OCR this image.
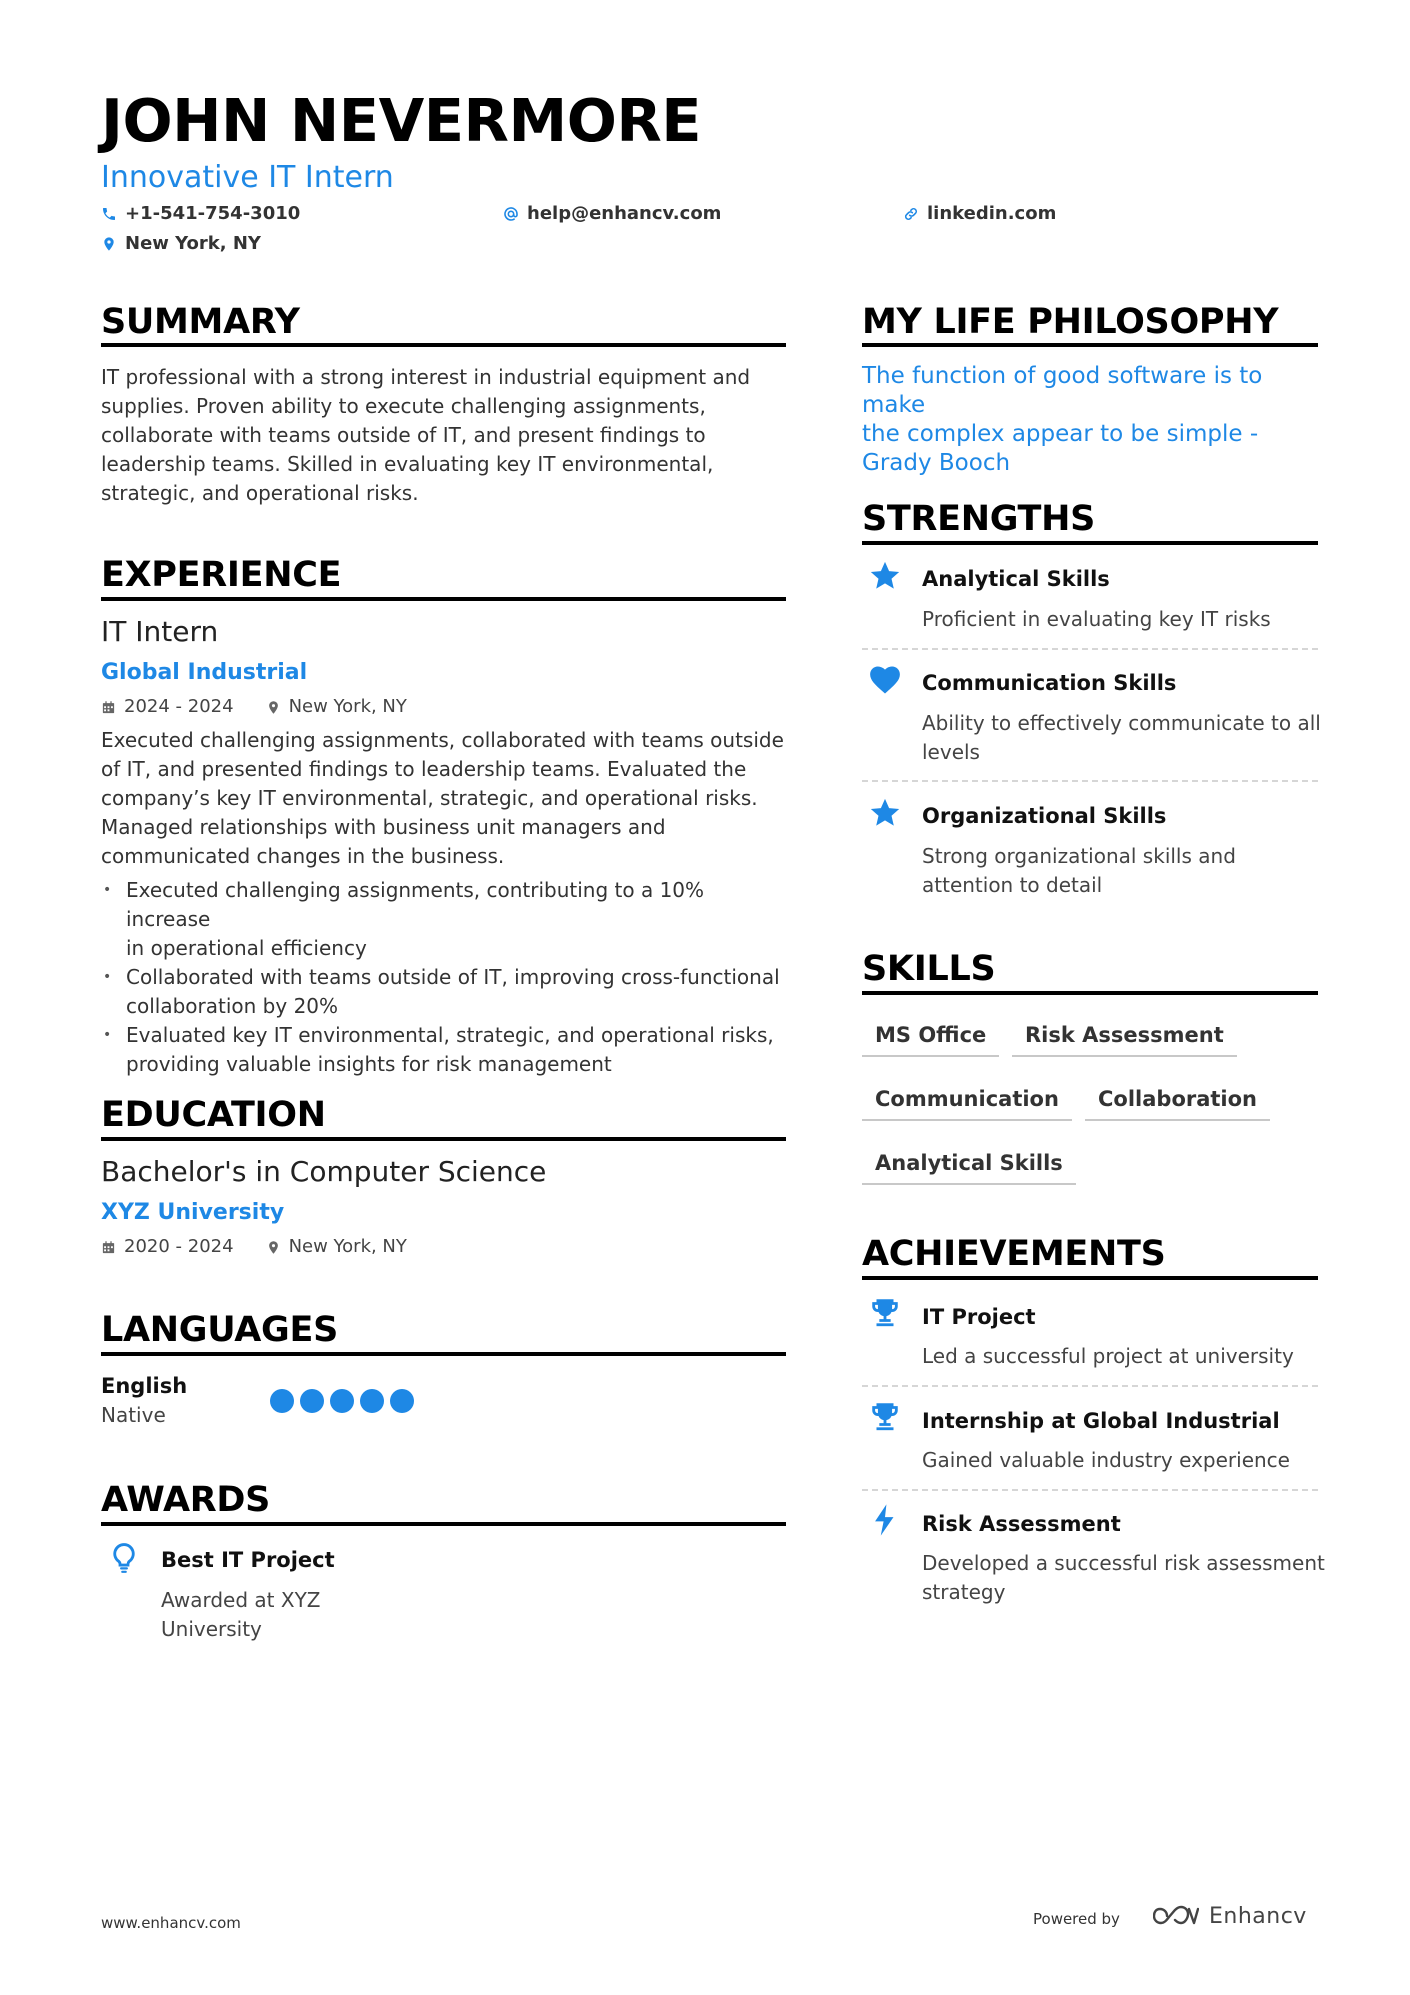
JOHN NEVERMORE
Innovative IT Intern
+1-541-754-3010	help@enhancv.com	linkedin.com
New York, NY
SUMMARY
IT professional with a strong interest in industrial equipment and
supplies. Proven ability to execute challenging assignments,
collaborate with teams outside of IT, and present findings to
leadership teams. Skilled in evaluating key IT environmental,
strategic, and operational risks.
EXPERIENCE
IT Intern
Global Industrial
2024 - 2024	New York, NY
Executed challenging assignments, collaborated with teams outside
of IT, and presented findings to leadership teams. Evaluated the
company’s key IT environmental, strategic, and operational risks.
Managed relationships with business unit managers and
communicated changes in the business.
• Executed challenging assignments, contributing to a 10% increase
in operational efficiency
• Collaborated with teams outside of IT, improving cross-functional
collaboration by 20%
• Evaluated key IT environmental, strategic, and operational risks,
providing valuable insights for risk management
EDUCATION
Bachelor's in Computer Science
XYZ University
2020 - 2024	New York, NY
LANGUAGES
English
Native
AWARDS
Best IT Project
Awarded at XYZ
University
MY LIFE PHILOSOPHY
The function of good software is to make
the complex appear to be simple -
Grady Booch
STRENGTHS
Analytical Skills
Proficient in evaluating key IT risks
Communication Skills
Ability to effectively communicate to all
levels
Organizational Skills
Strong organizational skills and
attention to detail
SKILLS
MS Office	Risk Assessment
Communication	Collaboration
Analytical Skills
ACHIEVEMENTS
IT Project
Led a successful project at university
Internship at Global Industrial
Gained valuable industry experience
Risk Assessment
Developed a successful risk assessment
strategy
www.enhancv.com	Powered by	Enhancv
